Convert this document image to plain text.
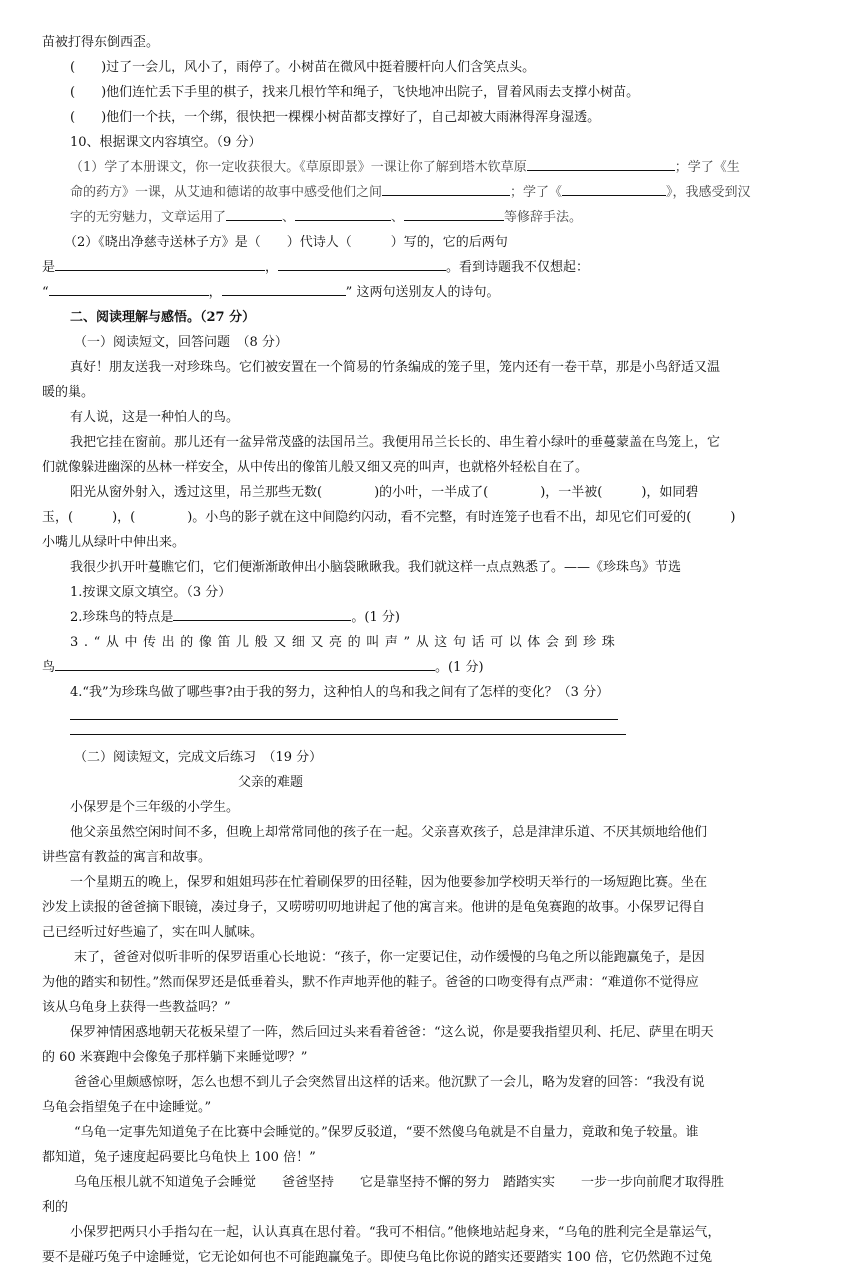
苗被打得东倒西歪。
(　　)过了一会儿，风小了，雨停了。小树苗在微风中挺着腰杆向人们含笑点头。
(　　)他们连忙丢下手里的棋子，找来几根竹竿和绳子，飞快地冲出院子，冒着风雨去支撑小树苗。
(　　)他们一个扶，一个绑，很快把一棵棵小树苗都支撑好了，自己却被大雨淋得浑身湿透。
10、根据课文内容填空。（9 分）
（1）学了本册课文，你一定收获很大。《草原即景》一课让你了解到塔木钦草原	；学了《生
命的药方》一课，从艾迪和德诺的故事中感受他们之间	；学了《	》，我感受到汉
字的无穷魅力，文章运用了	、	、	等修辞手法。
（2）《晓出净慈寺送林子方》是（　　）代诗人（　　　）写的，它的后两句
是	，	。看到诗题我不仅想起：
“	，	” 这两句送别友人的诗句。
二、阅读理解与感悟。（27 分）
（一）阅读短文，回答问题　（8 分）
真好！朋友送我一对珍珠鸟。它们被安置在一个简易的竹条编成的笼子里，笼内还有一卷干草，那是小鸟舒适又温
暖的巢。
有人说，这是一种怕人的鸟。
我把它挂在窗前。那儿还有一盆异常茂盛的法国吊兰。我便用吊兰长长的、串生着小绿叶的垂蔓蒙盖在鸟笼上，它
们就像躲进幽深的丛林一样安全，从中传出的像笛儿般又细又亮的叫声，也就格外轻松自在了。
阳光从窗外射入，透过这里，吊兰那些无数(　　　　)的小叶，一半成了(　　　　)，一半被(　　　)，如同碧
玉，(　　　)，(　　　　)。小鸟的影子就在这中间隐约闪动，看不完整，有时连笼子也看不出，却见它们可爱的(　　　)
小嘴儿从绿叶中伸出来。
我很少扒开叶蔓瞧它们，它们便渐渐敢伸出小脑袋瞅瞅我。我们就这样一点点熟悉了。——《珍珠鸟》节选
1.按课文原文填空。（3 分）
2.珍珠鸟的特点是	。(1 分)
3.“从中传出的像笛儿般又细又亮的叫声”从这句话可以体会到珍珠
鸟	。(1 分)
4.“我”为珍珠鸟做了哪些事?由于我的努力，这种怕人的鸟和我之间有了怎样的变化？（3 分）
（二）阅读短文，完成文后练习　（19 分）
父亲的难题
小保罗是个三年级的小学生。
他父亲虽然空闲时间不多，但晚上却常常同他的孩子在一起。父亲喜欢孩子，总是津津乐道、不厌其烦地给他们
讲些富有教益的寓言和故事。
一个星期五的晚上，保罗和姐姐玛莎在忙着刷保罗的田径鞋，因为他要参加学校明天举行的一场短跑比赛。坐在
沙发上读报的爸爸摘下眼镜，凑过身子，又唠唠叨叨地讲起了他的寓言来。他讲的是龟兔赛跑的故事。小保罗记得自
己已经听过好些遍了，实在叫人腻味。
末了，爸爸对似听非听的保罗语重心长地说：“孩子，你一定要记住，动作缓慢的乌龟之所以能跑赢兔子，是因
为他的踏实和韧性。”然而保罗还是低垂着头，默不作声地弄他的鞋子。爸爸的口吻变得有点严肃：“难道你不觉得应
该从乌龟身上获得一些教益吗？”
保罗神情困惑地朝天花板呆望了一阵，然后回过头来看着爸爸：“这么说，你是要我指望贝利、托尼、萨里在明天
的 60 米赛跑中会像兔子那样躺下来睡觉啰？”
爸爸心里颇感惊呀，怎么也想不到儿子会突然冒出这样的话来。他沉默了一会儿，略为发窘的回答：“我没有说
乌龟会指望兔子在中途睡觉。”
“乌龟一定事先知道兔子在比赛中会睡觉的。”保罗反驳道，“要不然傻乌龟就是不自量力，竟敢和兔子较量。谁
都知道，兔子速度起码要比乌龟快上 100 倍！”
乌龟压根儿就不知道兔子会睡觉　　爸爸坚持　　它是靠坚持不懈的努力　踏踏实实　　一步一步向前爬才取得胜
利的
小保罗把两只小手指勾在一起，认认真真在思付着。“我可不相信。”他倏地站起身来，“乌龟的胜利完全是靠运气，
要不是碰巧兔子中途睡觉，它无论如何也不可能跑赢兔子。即使乌龟比你说的踏实还要踏实 100 倍，它仍然跑不过兔
